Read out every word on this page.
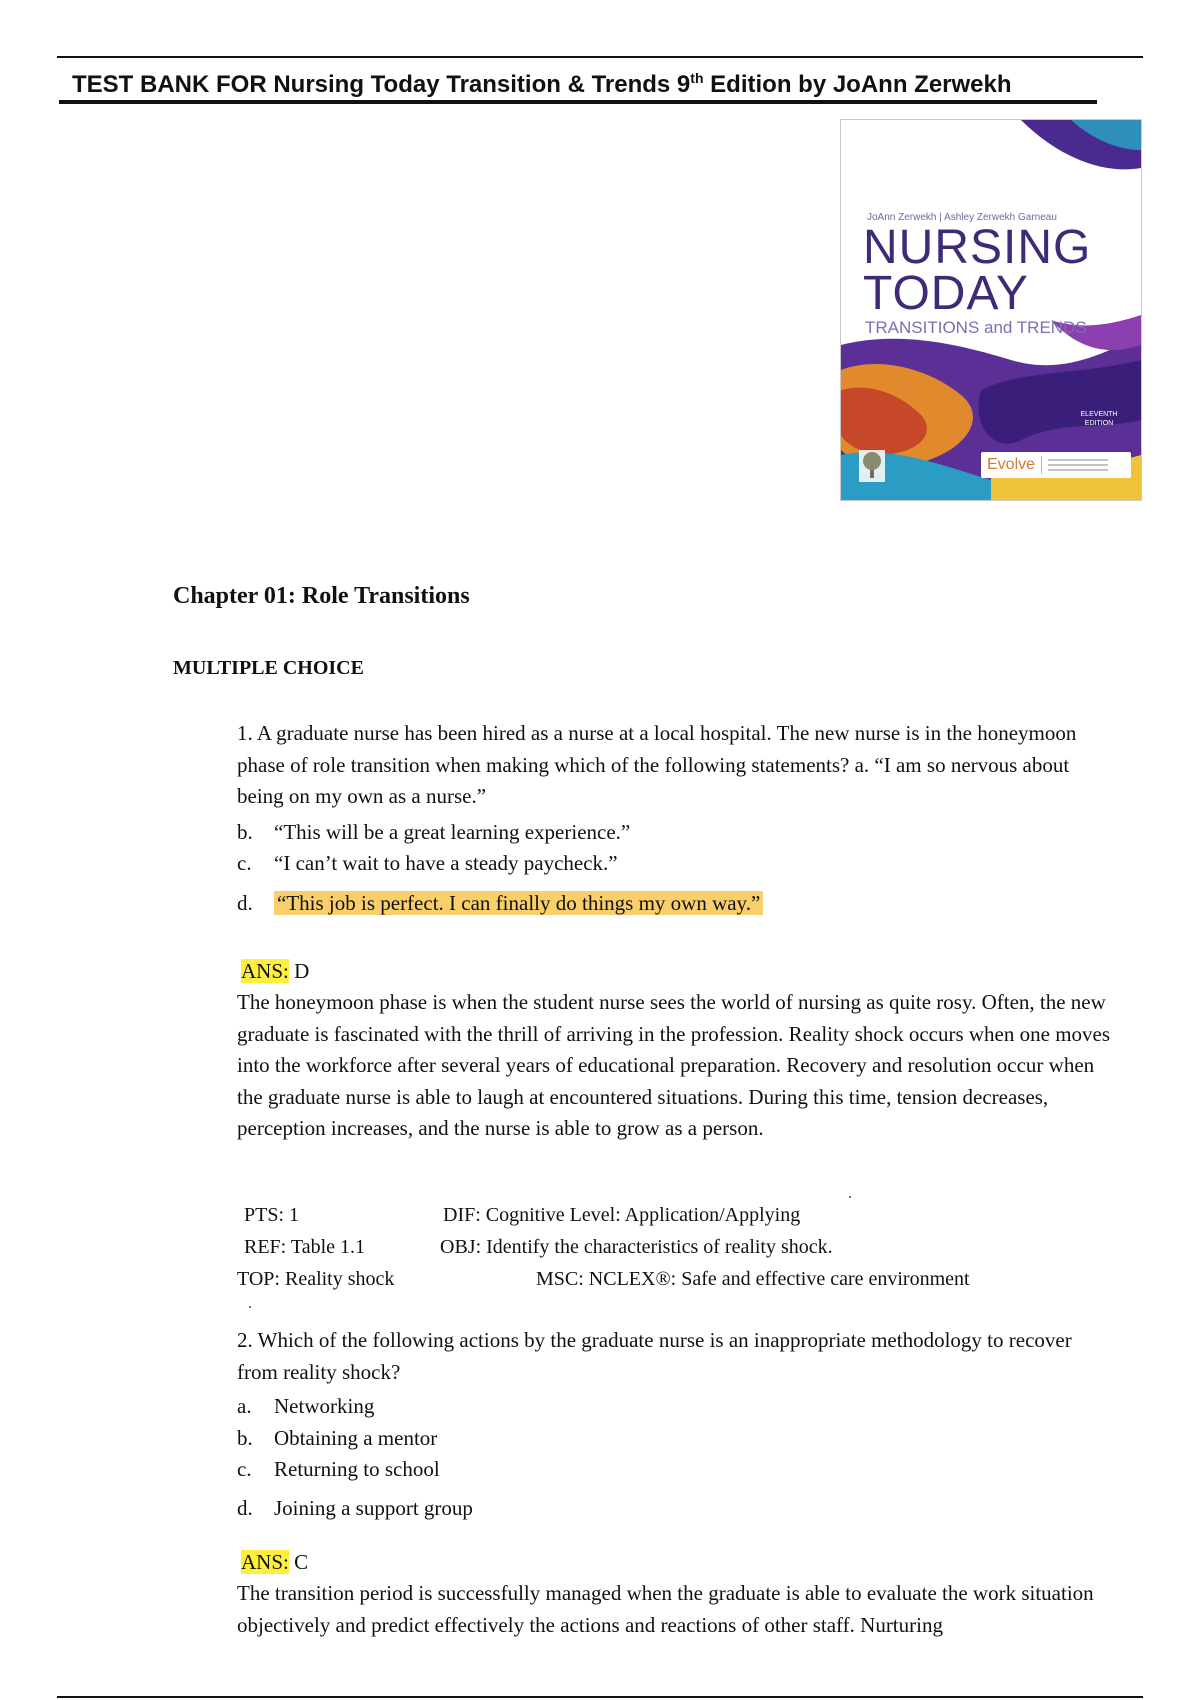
TEST BANK FOR Nursing Today Transition & Trends 9th Edition by JoAnn Zerwekh
JoAnn Zerwekh | Ashley Zerwekh Garneau
NURSING
TODAY
TRANSITIONS and TRENDS
ELEVENTH
EDITION
Evolve
Chapter 01: Role Transitions
MULTIPLE CHOICE
1. A graduate nurse has been hired as a nurse at a local hospital. The new nurse is in the honeymoon phase of role transition when making which of the following statements? a. “I am so nervous about being on my own as a nurse.”
b. “This will be a great learning experience.”
c. “I can’t wait to have a steady paycheck.”
d. “This job is perfect. I can finally do things my own way.”
ANS: D
The honeymoon phase is when the student nurse sees the world of nursing as quite rosy. Often, the new graduate is fascinated with the thrill of arriving in the profession. Reality shock occurs when one moves into the workforce after several years of educational preparation. Recovery and resolution occur when the graduate nurse is able to laugh at encountered situations. During this time, tension decreases, perception increases, and the nurse is able to grow as a person.
PTS: 1	DIF: Cognitive Level: Application/Applying
REF: Table 1.1	OBJ: Identify the characteristics of reality shock.
TOP: Reality shock	MSC: NCLEX®: Safe and effective care environment
2. Which of the following actions by the graduate nurse is an inappropriate methodology to recover from reality shock?
a. Networking
b. Obtaining a mentor
c. Returning to school
d. Joining a support group
ANS: C
The transition period is successfully managed when the graduate is able to evaluate the work situation objectively and predict effectively the actions and reactions of other staff. Nurturing
